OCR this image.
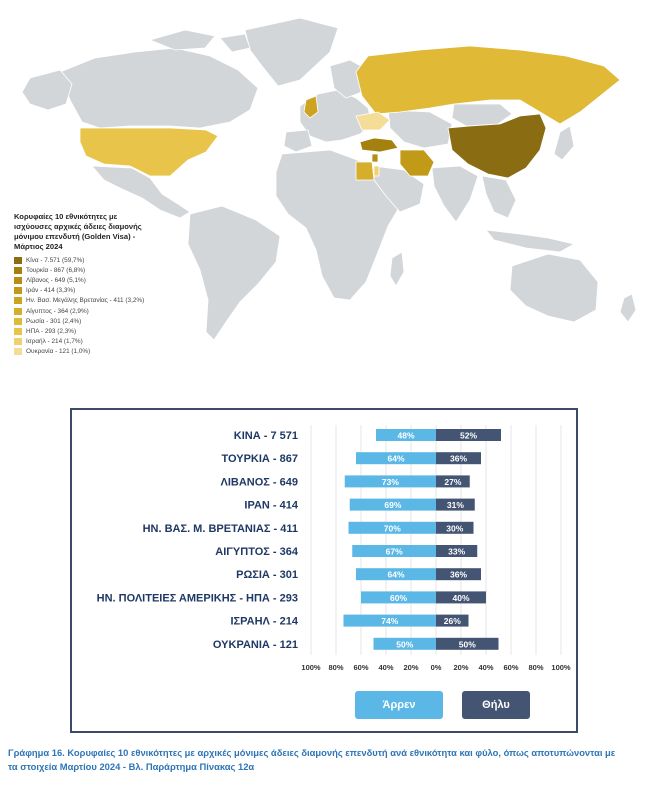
Κορυφαίες 10 εθνικότητες με
ισχύουσες αρχικές άδειες διαμονής
μόνιμου επενδυτή (Golden Visa) -
Μάρτιος 2024
Κίνα - 7.571 (59,7%)
Τουρκία - 867 (6,8%)
Λίβανος - 649 (5,1%)
Ιράν - 414 (3,3%)
Ην. Βασ. Μεγάλης Βρετανίας - 411 (3,2%)
Αίγυπτος - 364 (2,9%)
Ρωσία - 301 (2,4%)
ΗΠΑ - 293 (2,3%)
Ισραήλ - 214 (1,7%)
Ουκρανία - 121 (1,0%)
100% 80% 60% 40% 20% 0% 20% 40% 60% 80% 100%
ΚΙΝΑ - 7 571	48%	52%
ΤΟΥΡΚΙΑ - 867	64%	36%
ΛΙΒΑΝΟΣ - 649	73%	27%
ΙΡΑΝ - 414	69%	31%
ΗΝ. ΒΑΣ. Μ. ΒΡΕΤΑΝΙΑΣ - 411	70%	30%
ΑΙΓΥΠΤΟΣ - 364	67%	33%
ΡΩΣΙΑ - 301	64%	36%
ΗΝ. ΠΟΛΙΤΕΙΕΣ ΑΜΕΡΙΚΗΣ - ΗΠΑ - 293	60%	40%
ΙΣΡΑΗΛ - 214	74%	26%
ΟΥΚΡΑΝΙΑ - 121	50%	50%
Άρρεν	Θήλυ
Γράφημα 16. Κορυφαίες 10 εθνικότητες με αρχικές μόνιμες άδειες διαμονής επενδυτή ανά εθνικότητα και φύλο, όπως αποτυπώνονται με
τα στοιχεία Μαρτίου 2024 - Βλ. Παράρτημα Πίνακας 12α
